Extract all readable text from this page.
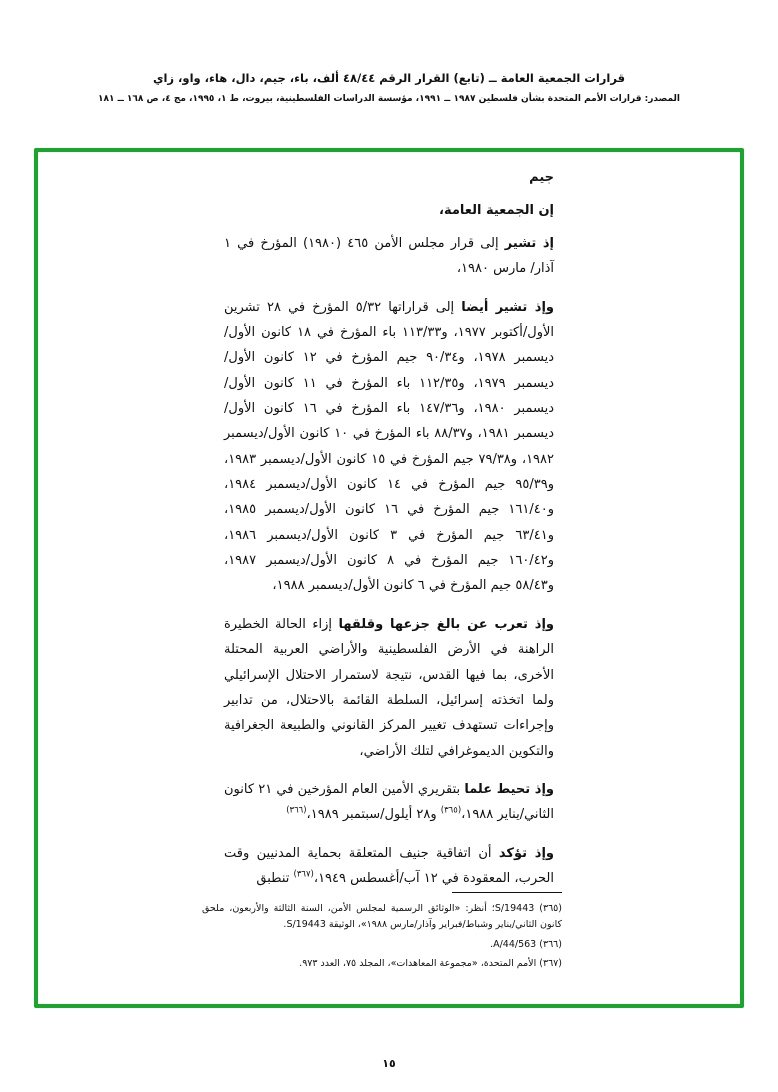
قرارات الجمعية العامة ــ (تابع) القرار الرقم ٤٨/٤٤ ألف، باء، جيم، دال، هاء، واو، زاي
المصدر: قرارات الأمم المتحدة بشأن فلسطين ١٩٨٧ ــ ١٩٩١، مؤسسة الدراسات الفلسطينية، بيروت، ط ١، ١٩٩٥، مج ٤، ص ١٦٨ ــ ١٨١
جيم
إن الجمعية العامة،

إذ تشير إلى قرار مجلس الأمن ٤٦٥ (١٩٨٠) المؤرخ في ١ آذار/ مارس ١٩٨٠،

وإذ تشير أيضا إلى قراراتها ٥/٣٢ المؤرخ في ٢٨ تشرين الأول/أكتوبر ١٩٧٧، و١١٣/٣٣ باء المؤرخ في ١٨ كانون الأول/ديسمبر ١٩٧٨، و٩٠/٣٤ جيم المؤرخ في ١٢ كانون الأول/ديسمبر ١٩٧٩، و١١٢/٣٥ باء المؤرخ في ١١ كانون الأول/ديسمبر ١٩٨٠، و١٤٧/٣٦ باء المؤرخ في ١٦ كانون الأول/ديسمبر ١٩٨١، و٨٨/٣٧ باء المؤرخ في ١٠ كانون الأول/ديسمبر ١٩٨٢، و٧٩/٣٨ جيم المؤرخ في ١٥ كانون الأول/ديسمبر ١٩٨٣، و٩٥/٣٩ جيم المؤرخ في ١٤ كانون الأول/ديسمبر ١٩٨٤، و١٦١/٤٠ جيم المؤرخ في ١٦ كانون الأول/ديسمبر ١٩٨٥، و٦٣/٤١ جيم المؤرخ في ٣ كانون الأول/ديسمبر ١٩٨٦، و١٦٠/٤٢ جيم المؤرخ في ٨ كانون الأول/ديسمبر ١٩٨٧، و٥٨/٤٣ جيم المؤرخ في ٦ كانون الأول/ديسمبر ١٩٨٨،

وإذ تعرب عن بالغ جزعها وقلقها إزاء الحالة الخطيرة الراهنة في الأرض الفلسطينية والأراضي العربية المحتلة الأخرى، بما فيها القدس، نتيجة لاستمرار الاحتلال الإسرائيلي ولما اتخذته إسرائيل، السلطة القائمة بالاحتلال، من تدابير وإجراءات تستهدف تغيير المركز القانوني والطبيعة الجغرافية والتكوين الديموغرافي لتلك الأراضي،

وإذ تحيط علما بتقريري الأمين العام المؤرخين في ٢١ كانون الثاني/يناير ١٩٨٨،$^{(٣٦٥)}$ و٢٨ أيلول/سبتمبر ١٩٨٩،$^{(٣٦٦)}$

وإذ تؤكد أن اتفاقية جنيف المتعلقة بحماية المدنيين وقت الحرب، المعقودة في ١٢ آب/أغسطس ١٩٤٩،$^{(٣٦٧)}$ تنطبق

(٣٦٥) S/19443؛ أنظر: «الوثائق الرسمية لمجلس الأمن، السنة الثالثة والأربعون، ملحق كانون الثاني/يناير وشباط/فبراير وآذار/مارس ١٩٨٨»، الوثيقة S/19443.
(٣٦٦) A/44/563.
(٣٦٧) الأمم المتحدة، «مجموعة المعاهدات»، المجلد ٧٥، العدد ٩٧٣.
١٥
